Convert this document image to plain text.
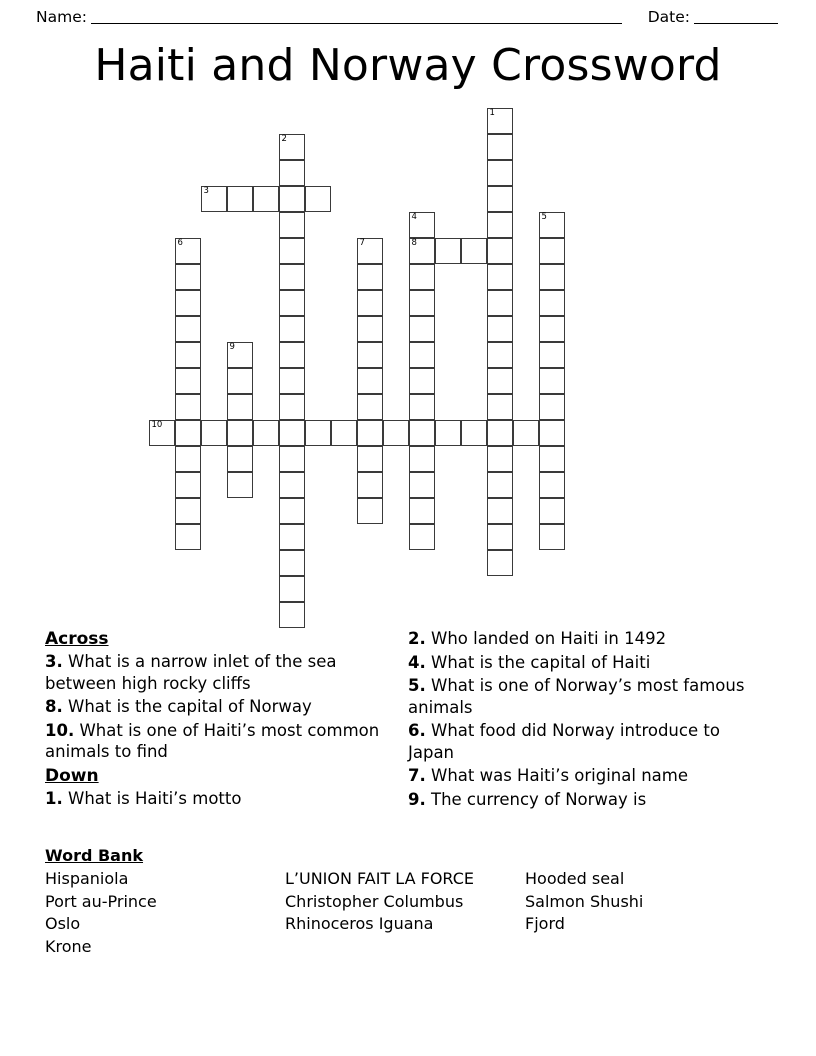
Name:	Date:
Haiti and Norway Crossword
1
2
3
4
8
5
6	7
9
10
Across

3. What is a narrow inlet of the sea between high rocky cliffs

8. What is the capital of Norway

10. What is one of Haiti’s most common animals to find

Down

1. What is Haiti’s motto

2. Who landed on Haiti in 1492

4. What is the capital of Haiti

5. What is one of Norway’s most famous animals

6. What food did Norway introduce to Japan

7. What was Haiti’s original name

9. The currency of Norway is

Word Bank
Hispaniola
Port au-Prince
Oslo
Krone
L’UNION FAIT LA FORCE
Christopher Columbus
Rhinoceros Iguana
Hooded seal
Salmon Shushi
Fjord
